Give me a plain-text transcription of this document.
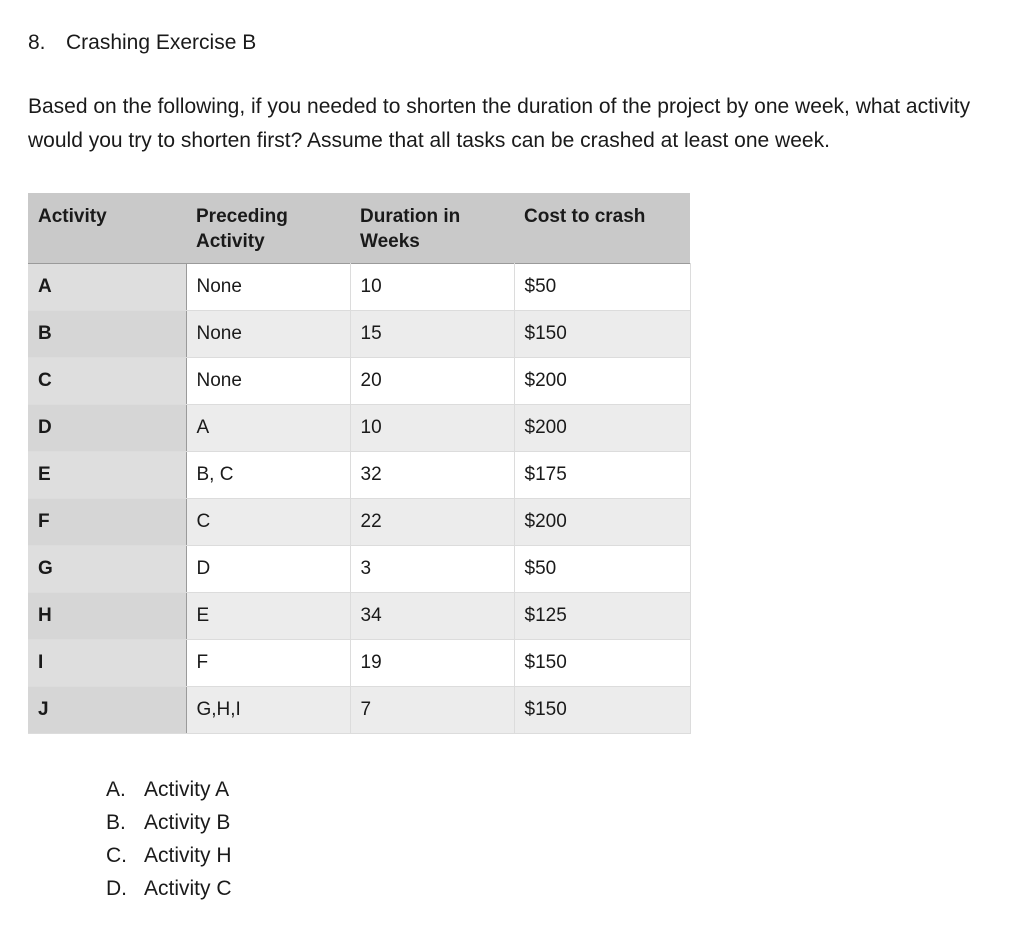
8. Crashing Exercise B
Based on the following, if you needed to shorten the duration of the project by one week, what activity would you try to shorten first? Assume that all tasks can be crashed at least one week.
Activity	Preceding Activity	Duration in Weeks	Cost to crash
A	None	10	$50
B	None	15	$150
C	None	20	$200
D	A	10	$200
E	B, C	32	$175
F	C	22	$200
G	D	3	$50
H	E	34	$125
I	F	19	$150
J	G,H,I	7	$150
A. Activity A
B. Activity B
C. Activity H
D. Activity C
